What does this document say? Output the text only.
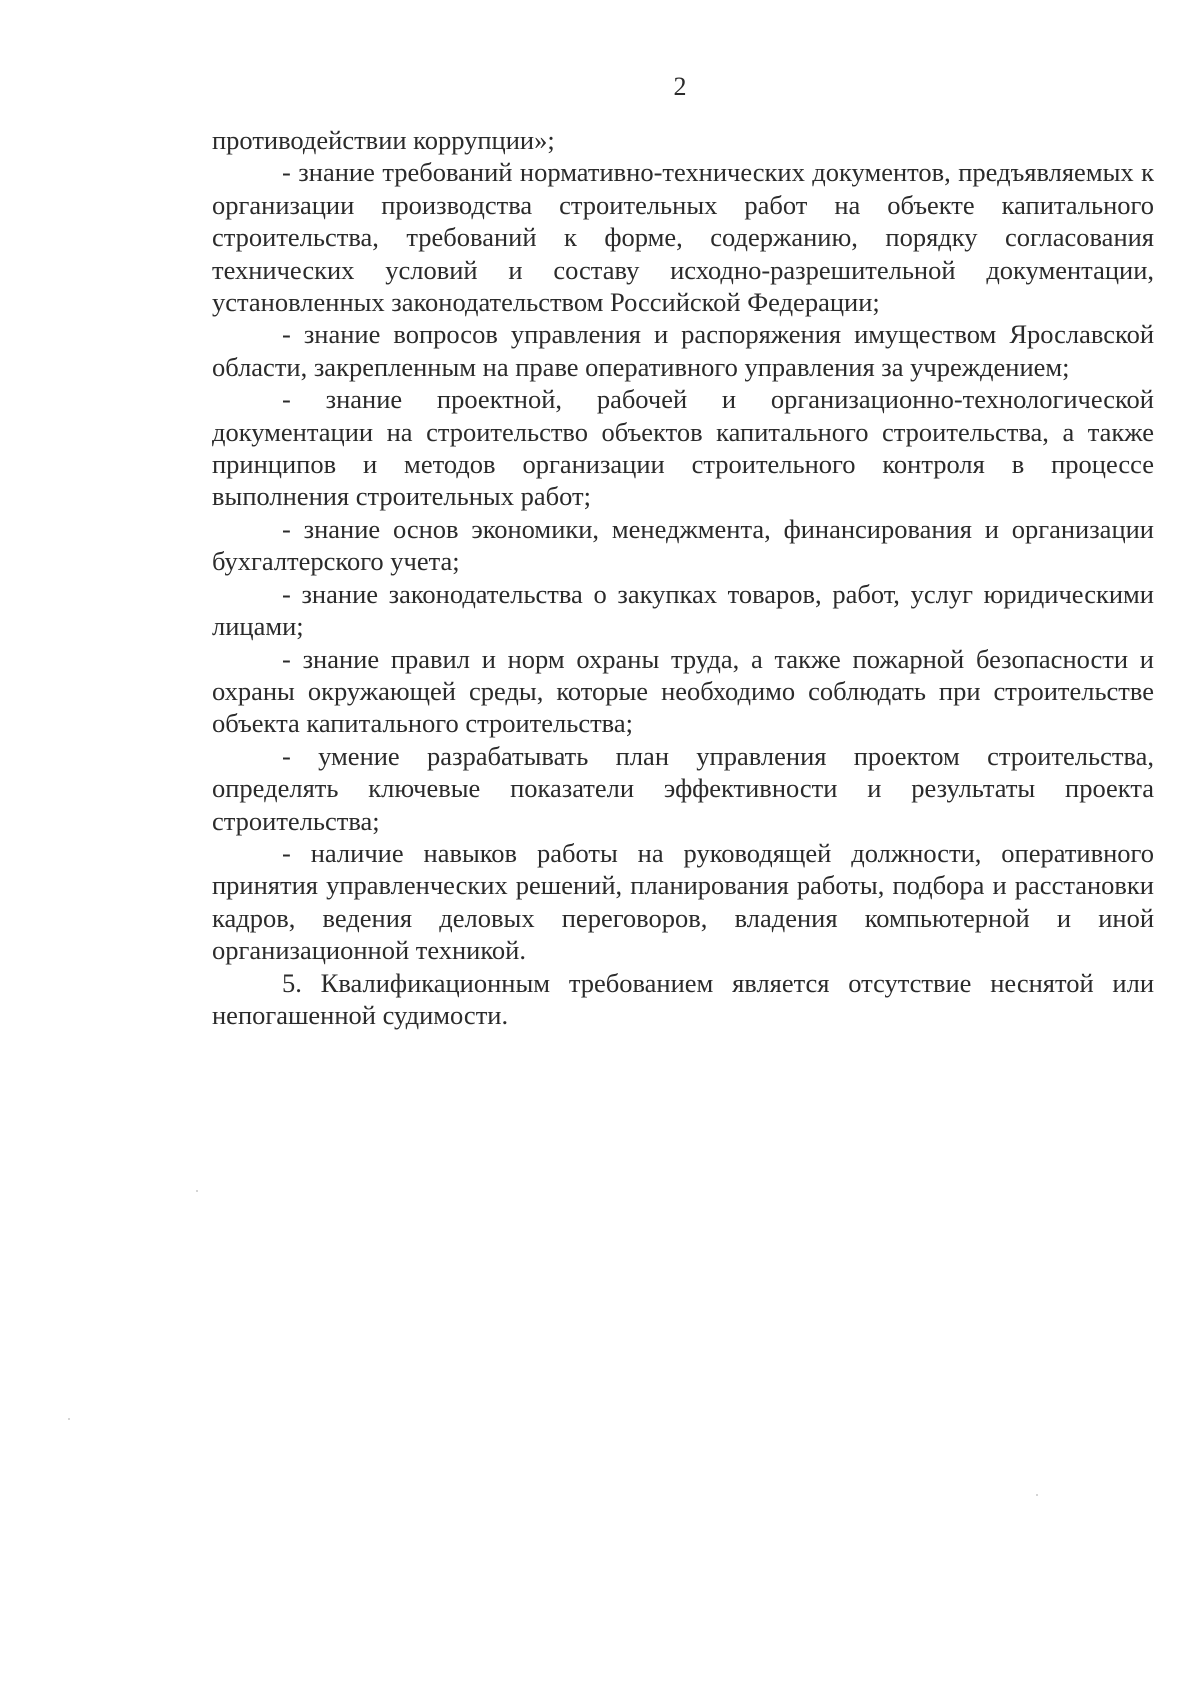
2

противодействии коррупции»;

- знание требований нормативно-технических документов, предъявляемых к организации производства строительных работ на объекте капитального строительства, требований к форме, содержанию, порядку согласования технических условий и составу исходно-разрешительной документации, установленных законодательством Российской Федерации;

- знание вопросов управления и распоряжения имуществом Ярославской области, закрепленным на праве оперативного управления за учреждением;

- знание проектной, рабочей и организационно-технологической документации на строительство объектов капитального строительства, а также принципов и методов организации строительного контроля в процессе выполнения строительных работ;

- знание основ экономики, менеджмента, финансирования и организации бухгалтерского учета;

- знание законодательства о закупках товаров, работ, услуг юридическими лицами;

- знание правил и норм охраны труда, а также пожарной безопасности и охраны окружающей среды, которые необходимо соблюдать при строительстве объекта капитального строительства;

- умение разрабатывать план управления проектом строительства, определять ключевые показатели эффективности и результаты проекта строительства;

- наличие навыков работы на руководящей должности, оперативного принятия управленческих решений, планирования работы, подбора и расстановки кадров, ведения деловых переговоров, владения компьютерной и иной организационной техникой.

5. Квалификационным требованием является отсутствие неснятой или непогашенной судимости.
